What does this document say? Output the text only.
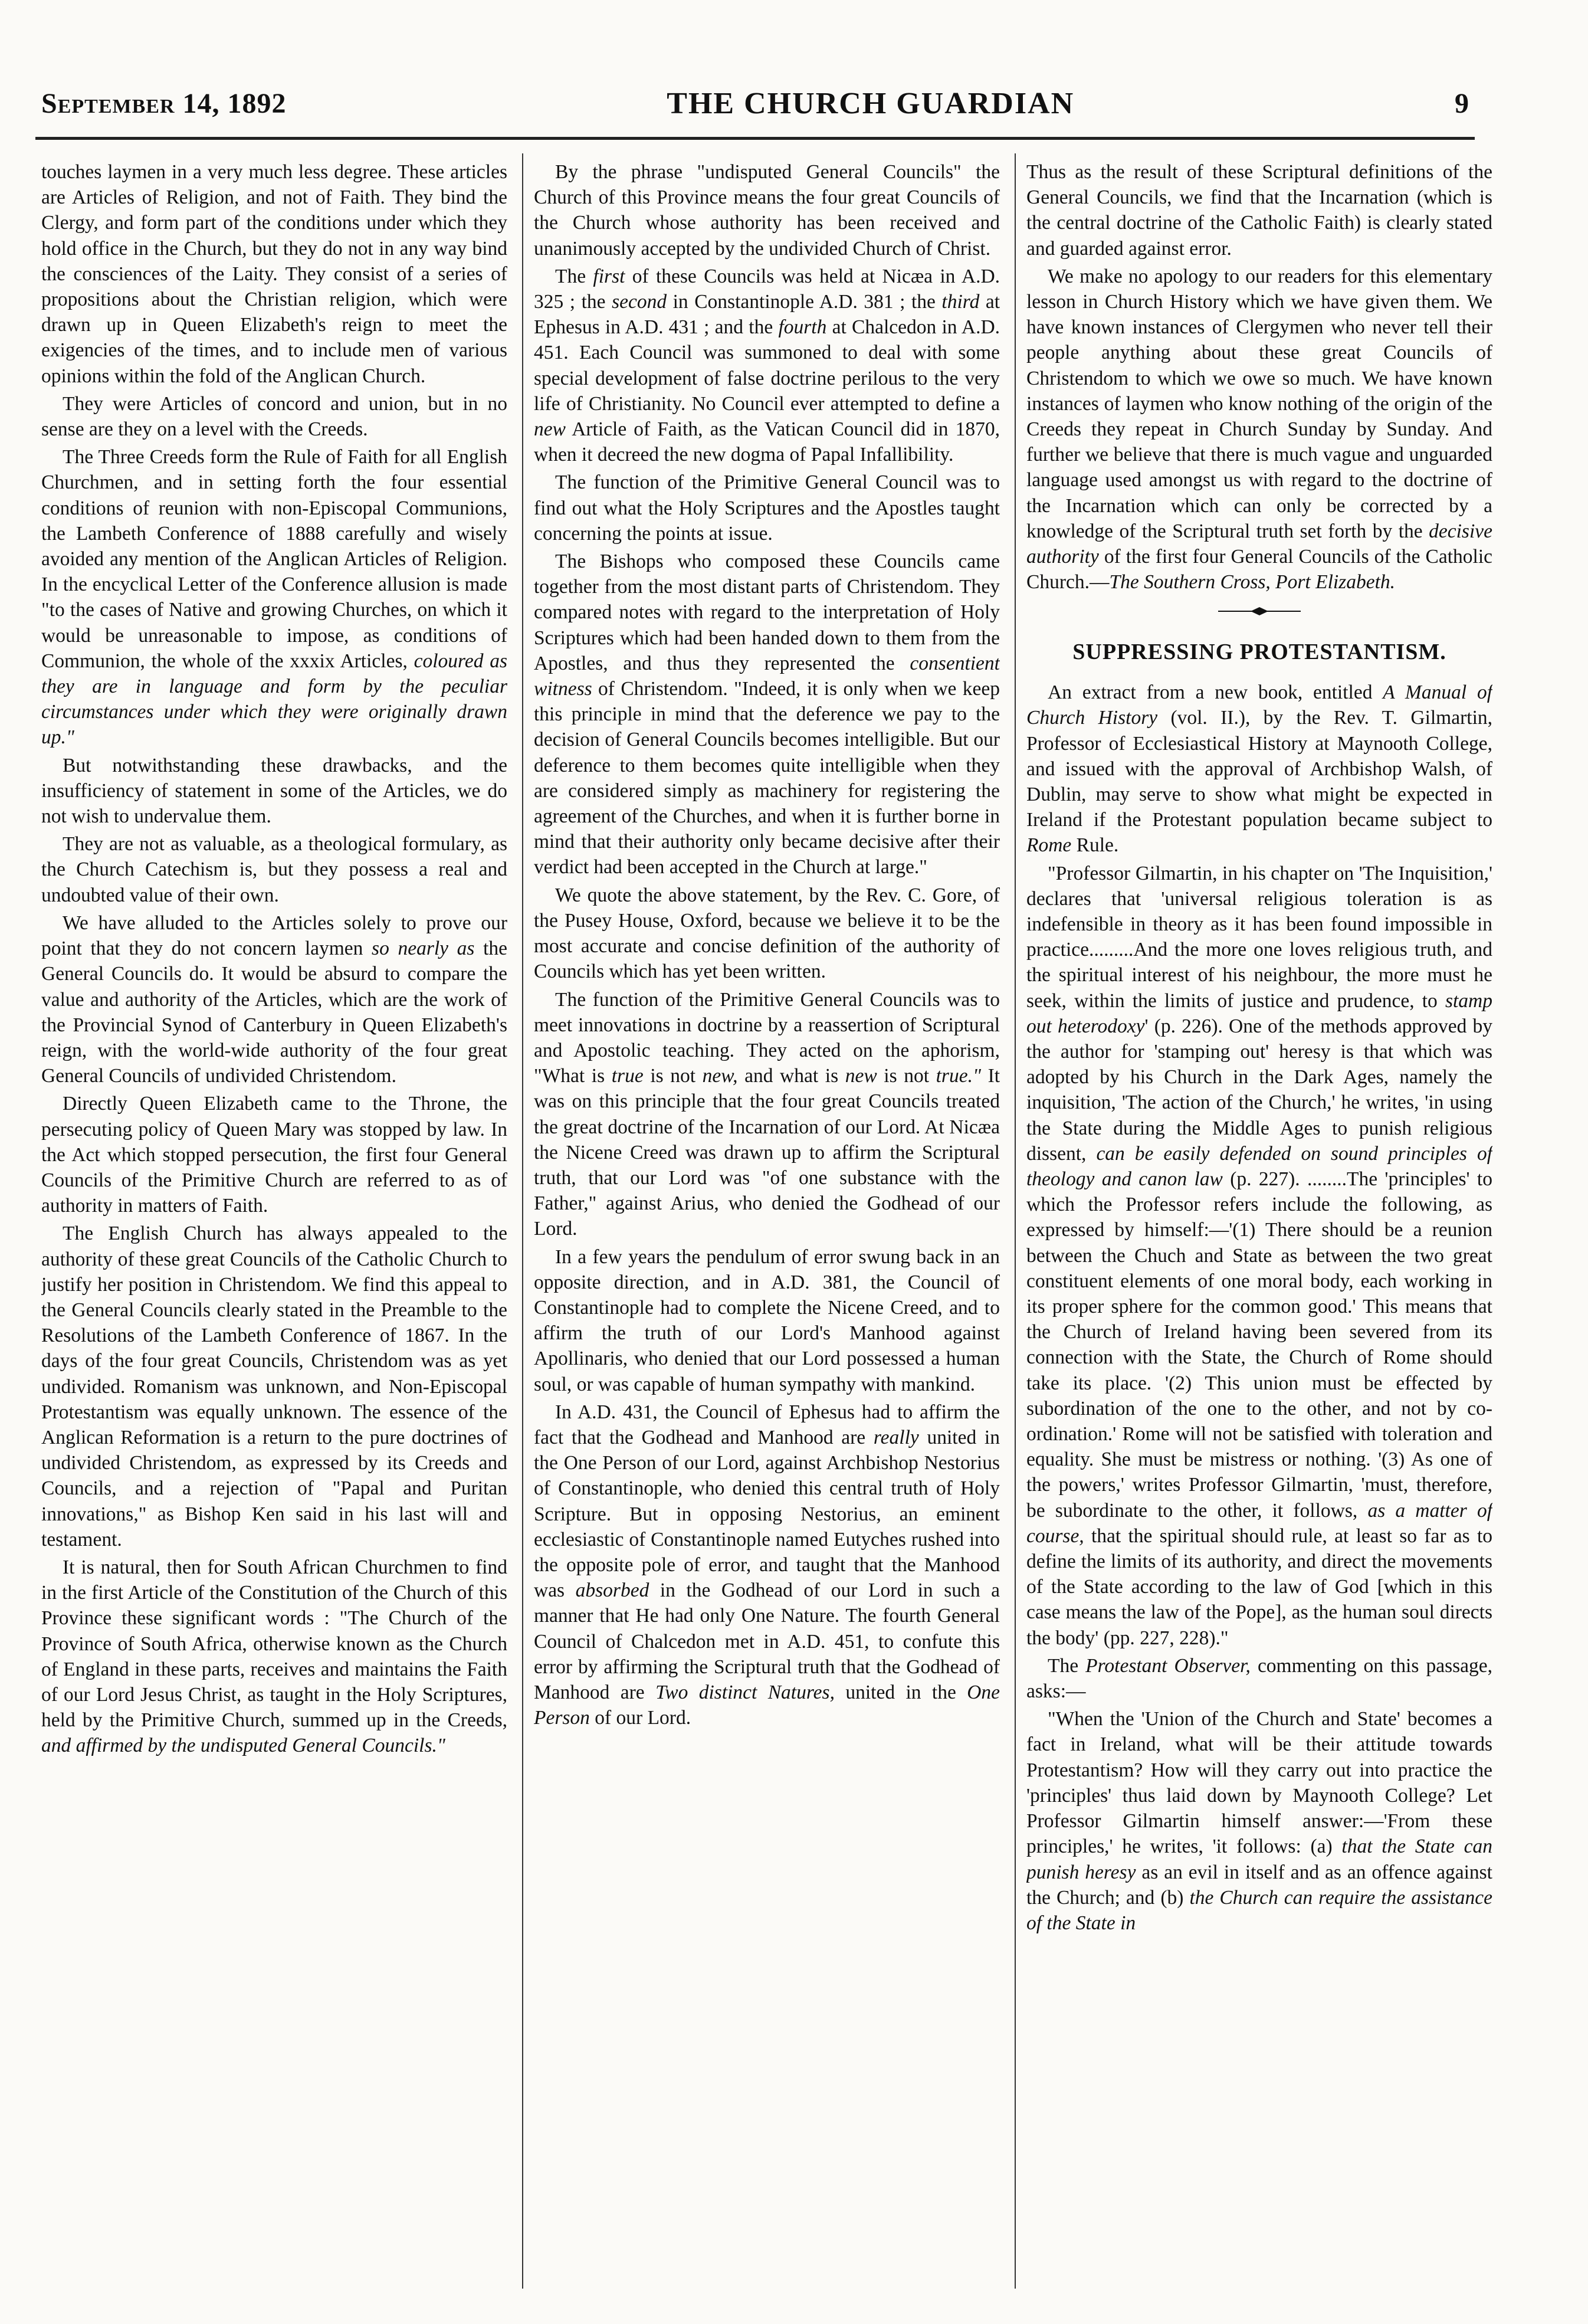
September 14, 1892	THE CHURCH GUARDIAN	9

touches laymen in a very much less degree. These articles are Articles of Religion, and not of Faith. They bind the Clergy, and form part of the conditions under which they hold office in the Church, but they do not in any way bind the consciences of the Laity. They consist of a series of propositions about the Christian religion, which were drawn up in Queen Elizabeth's reign to meet the exigencies of the times, and to include men of various opinions within the fold of the Anglican Church.

They were Articles of concord and union, but in no sense are they on a level with the Creeds.

The Three Creeds form the Rule of Faith for all English Churchmen, and in setting forth the four essential conditions of reunion with non-Episcopal Communions, the Lambeth Conference of 1888 carefully and wisely avoided any mention of the Anglican Articles of Religion. In the encyclical Letter of the Conference allusion is made "to the cases of Native and growing Churches, on which it would be unreasonable to impose, as conditions of Communion, the whole of the xxxix Articles, coloured as they are in language and form by the peculiar circumstances under which they were originally drawn up."

But notwithstanding these drawbacks, and the insufficiency of statement in some of the Articles, we do not wish to undervalue them.

They are not as valuable, as a theological formulary, as the Church Catechism is, but they possess a real and undoubted value of their own.

We have alluded to the Articles solely to prove our point that they do not concern laymen so nearly as the General Councils do. It would be absurd to compare the value and authority of the Articles, which are the work of the Provincial Synod of Canterbury in Queen Elizabeth's reign, with the world-wide authority of the four great General Councils of undivided Christendom.

Directly Queen Elizabeth came to the Throne, the persecuting policy of Queen Mary was stopped by law. In the Act which stopped persecution, the first four General Councils of the Primitive Church are referred to as of authority in matters of Faith.

The English Church has always appealed to the authority of these great Councils of the Catholic Church to justify her position in Christendom. We find this appeal to the General Councils clearly stated in the Preamble to the Resolutions of the Lambeth Conference of 1867. In the days of the four great Councils, Christendom was as yet undivided. Romanism was unknown, and Non-Episcopal Protestantism was equally unknown. The essence of the Anglican Reformation is a return to the pure doctrines of undivided Christendom, as expressed by its Creeds and Councils, and a rejection of "Papal and Puritan innovations," as Bishop Ken said in his last will and testament.

It is natural, then for South African Churchmen to find in the first Article of the Constitution of the Church of this Province these significant words : "The Church of the Province of South Africa, otherwise known as the Church of England in these parts, receives and maintains the Faith of our Lord Jesus Christ, as taught in the Holy Scriptures, held by the Primitive Church, summed up in the Creeds, and affirmed by the undisputed General Councils."

By the phrase "undisputed General Councils" the Church of this Province means the four great Councils of the Church whose authority has been received and unanimously accepted by the undivided Church of Christ.

The first of these Councils was held at Nicæa in A.D. 325 ; the second in Constantinople A.D. 381 ; the third at Ephesus in A.D. 431 ; and the fourth at Chalcedon in A.D. 451. Each Council was summoned to deal with some special development of false doctrine perilous to the very life of Christianity. No Council ever attempted to define a new Article of Faith, as the Vatican Council did in 1870, when it decreed the new dogma of Papal Infallibility.

The function of the Primitive General Council was to find out what the Holy Scriptures and the Apostles taught concerning the points at issue.

The Bishops who composed these Councils came together from the most distant parts of Christendom. They compared notes with regard to the interpretation of Holy Scriptures which had been handed down to them from the Apostles, and thus they represented the consentient witness of Christendom. "Indeed, it is only when we keep this principle in mind that the deference we pay to the decision of General Councils becomes intelligible. But our deference to them becomes quite intelligible when they are considered simply as machinery for registering the agreement of the Churches, and when it is further borne in mind that their authority only became decisive after their verdict had been accepted in the Church at large."

We quote the above statement, by the Rev. C. Gore, of the Pusey House, Oxford, because we believe it to be the most accurate and concise definition of the authority of Councils which has yet been written.

The function of the Primitive General Councils was to meet innovations in doctrine by a reassertion of Scriptural and Apostolic teaching. They acted on the aphorism, "What is true is not new, and what is new is not true." It was on this principle that the four great Councils treated the great doctrine of the Incarnation of our Lord. At Nicæa the Nicene Creed was drawn up to affirm the Scriptural truth, that our Lord was "of one substance with the Father," against Arius, who denied the Godhead of our Lord.

In a few years the pendulum of error swung back in an opposite direction, and in A.D. 381, the Council of Constantinople had to complete the Nicene Creed, and to affirm the truth of our Lord's Manhood against Apollinaris, who denied that our Lord possessed a human soul, or was capable of human sympathy with mankind.

In A.D. 431, the Council of Ephesus had to affirm the fact that the Godhead and Manhood are really united in the One Person of our Lord, against Archbishop Nestorius of Constantinople, who denied this central truth of Holy Scripture. But in opposing Nestorius, an eminent ecclesiastic of Constantinople named Eutyches rushed into the opposite pole of error, and taught that the Manhood was absorbed in the Godhead of our Lord in such a manner that He had only One Nature. The fourth General Council of Chalcedon met in A.D. 451, to confute this error by affirming the Scriptural truth that the Godhead of Manhood are Two distinct Natures, united in the One Person of our Lord.

Thus as the result of these Scriptural definitions of the General Councils, we find that the Incarnation (which is the central doctrine of the Catholic Faith) is clearly stated and guarded against error.

We make no apology to our readers for this elementary lesson in Church History which we have given them. We have known instances of Clergymen who never tell their people anything about these great Councils of Christendom to which we owe so much. We have known instances of laymen who know nothing of the origin of the Creeds they repeat in Church Sunday by Sunday. And further we believe that there is much vague and unguarded language used amongst us with regard to the doctrine of the Incarnation which can only be corrected by a knowledge of the Scriptural truth set forth by the decisive authority of the first four General Councils of the Catholic Church.—The Southern Cross, Port Elizabeth.

SUPPRESSING PROTESTANTISM.

An extract from a new book, entitled A Manual of Church History (vol. II.), by the Rev. T. Gilmartin, Professor of Ecclesiastical History at Maynooth College, and issued with the approval of Archbishop Walsh, of Dublin, may serve to show what might be expected in Ireland if the Protestant population became subject to Rome Rule.

"Professor Gilmartin, in his chapter on 'The Inquisition,' declares that 'universal religious toleration is as indefensible in theory as it has been found impossible in practice.........And the more one loves religious truth, and the spiritual interest of his neighbour, the more must he seek, within the limits of justice and prudence, to stamp out heterodoxy' (p. 226). One of the methods approved by the author for 'stamping out' heresy is that which was adopted by his Church in the Dark Ages, namely the inquisition, 'The action of the Church,' he writes, 'in using the State during the Middle Ages to punish religious dissent, can be easily defended on sound principles of theology and canon law (p. 227). ........The 'principles' to which the Professor refers include the following, as expressed by himself:—'(1) There should be a reunion between the Chuch and State as between the two great constituent elements of one moral body, each working in its proper sphere for the common good.' This means that the Church of Ireland having been severed from its connection with the State, the Church of Rome should take its place. '(2) This union must be effected by subordination of the one to the other, and not by co-ordination.' Rome will not be satisfied with toleration and equality. She must be mistress or nothing. '(3) As one of the powers,' writes Professor Gilmartin, 'must, therefore, be subordinate to the other, it follows, as a matter of course, that the spiritual should rule, at least so far as to define the limits of its authority, and direct the movements of the State according to the law of God [which in this case means the law of the Pope], as the human soul directs the body' (pp. 227, 228)."

The Protestant Observer, commenting on this passage, asks:—

"When the 'Union of the Church and State' becomes a fact in Ireland, what will be their attitude towards Protestantism? How will they carry out into practice the 'principles' thus laid down by Maynooth College? Let Professor Gilmartin himself answer:—'From these principles,' he writes, 'it follows: (a) that the State can punish heresy as an evil in itself and as an offence against the Church; and (b) the Church can require the assistance of the State in
